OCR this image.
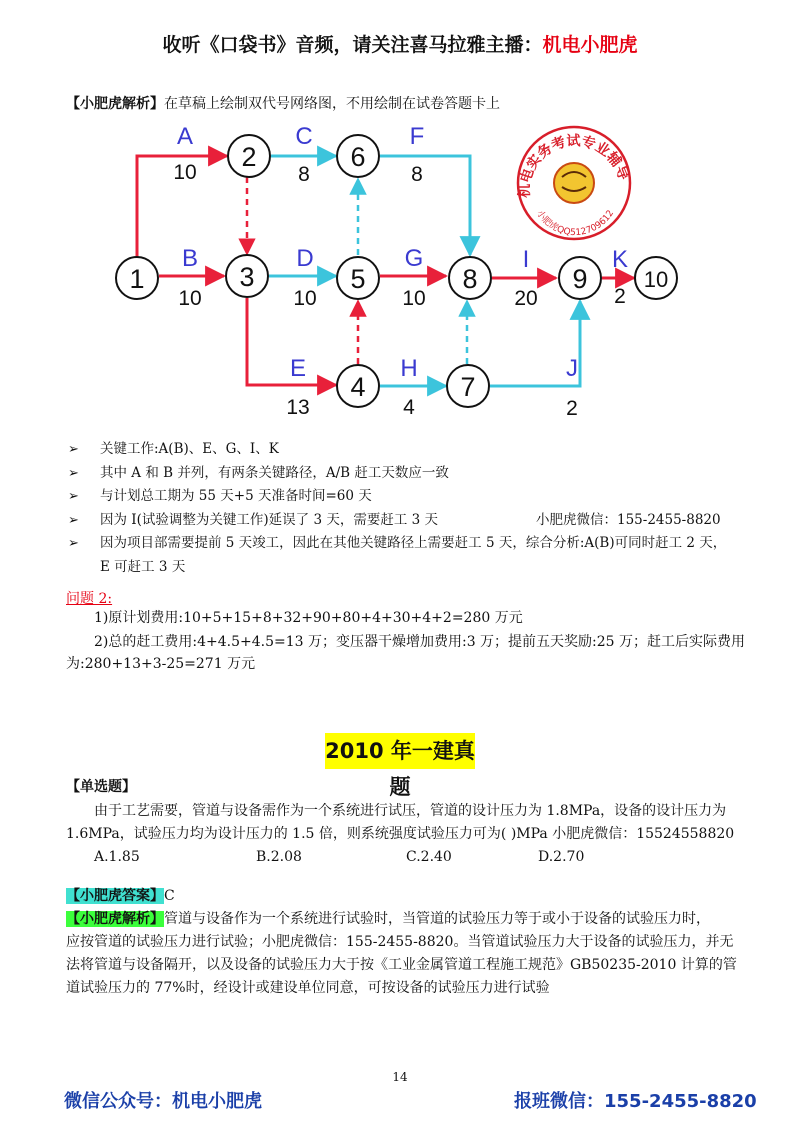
收听《口袋书》音频，请关注喜马拉雅主播：机电小肥虎
【小肥虎解析】在草稿上绘制双代号网络图，不用绘制在试卷答题卡上
1
2
3
4
5
6
7
8	9	10
A
B
C
D
E
F
G
H
I
J
K
10
10
8
10
13
8
10
4
20
2
2
机电实务考试专业辅导
小肥虎QQ512709612
➢ 关键工作:A(B)、E、G、I、K
➢ 其中 A 和 B 并列，有两条关键路径，A/B 赶工天数应一致
➢ 与计划总工期为 55 天+5 天准备时间=60 天
➢ 因为 I(试验调整为关键工作)延误了 3 天，需要赶工 3 天	小肥虎微信：155-2455-8820
➢ 因为项目部需要提前 5 天竣工，因此在其他关键路径上需要赶工 5 天，综合分析:A(B)可同时赶工 2 天，
E 可赶工 3 天
问题 2:
1)原计划费用:10+5+15+8+32+90+80+4+30+4+2=280 万元
2)总的赶工费用:4+4.5+4.5=13 万；变压器干燥增加费用:3 万；提前五天奖励:25 万；赶工后实际费用
为:280+13+3-25=271 万元
2010 年一建真题
【单选题】
由于工艺需要，管道与设备需作为一个系统进行试压，管道的设计压力为 1.8MPa，设备的设计压力为
1.6MPa，试验压力均为设计压力的 1.5 倍，则系统强度试验压力可为( )MPa 小肥虎微信：15524558820
A.1.85	B.2.08	C.2.40	D.2.70
【小肥虎答案】C
【小肥虎解析】管道与设备作为一个系统进行试验时，当管道的试验压力等于或小于设备的试验压力时，
应按管道的试验压力进行试验；小肥虎微信：155-2455-8820。当管道试验压力大于设备的试验压力，并无
法将管道与设备隔开，以及设备的试验压力大于按《工业金属管道工程施工规范》GB50235-2010 计算的管
道试验压力的 77%时，经设计或建设单位同意，可按设备的试验压力进行试验
14
微信公众号：机电小肥虎	报班微信：155-2455-8820
